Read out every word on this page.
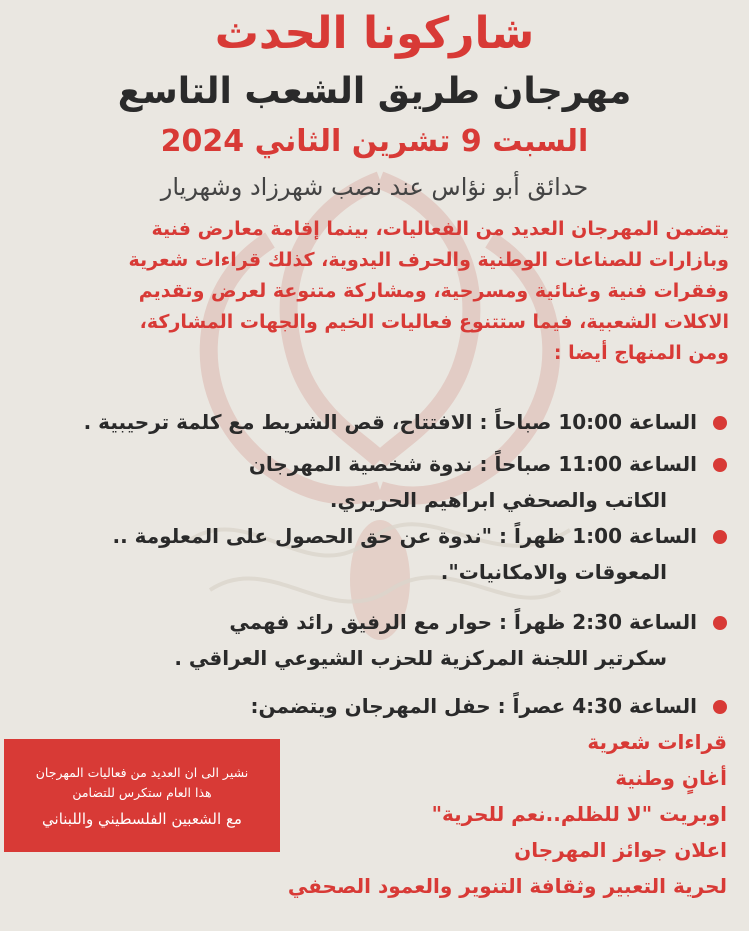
شاركونا الحدث
مهرجان طريق الشعب التاسع
السبت 9 تشرين الثاني 2024
حدائق أبو نؤاس عند نصب شهرزاد وشهريار
يتضمن المهرجان العديد من الفعاليات، بينما إقامة معارض فنية
وبازارات للصناعات الوطنية والحرف اليدوية، كذلك قراءات شعرية
وفقرات فنية وغنائية ومسرحية، ومشاركة متنوعة لعرض وتقديم
الاكلات الشعبية، فيما ستتنوع فعاليات الخيم والجهات المشاركة،
ومن المنهاج أيضا :
الساعة 10:00 صباحاً : الافتتاح، قص الشريط مع كلمة ترحيبية .
الساعة 11:00 صباحاً : ندوة شخصية المهرجان
الكاتب والصحفي ابراهيم الحريري.
الساعة 1:00 ظهراً : "ندوة عن حق الحصول على المعلومة ..
المعوقات والامكانيات".
الساعة 2:30 ظهراً : حوار مع الرفيق رائد فهمي
سكرتير اللجنة المركزية للحزب الشيوعي العراقي .
الساعة 4:30 عصراً : حفل المهرجان ويتضمن:
قراءات شعرية
أغانٍ وطنية
اوبريت "لا للظلم..نعم للحرية"
اعلان جوائز المهرجان
لحرية التعبير وثقافة التنوير والعمود الصحفي
نشير الى ان العديد من فعاليات المهرجان
هذا العام ستكرس للتضامن
مع الشعبين الفلسطيني واللبناني
